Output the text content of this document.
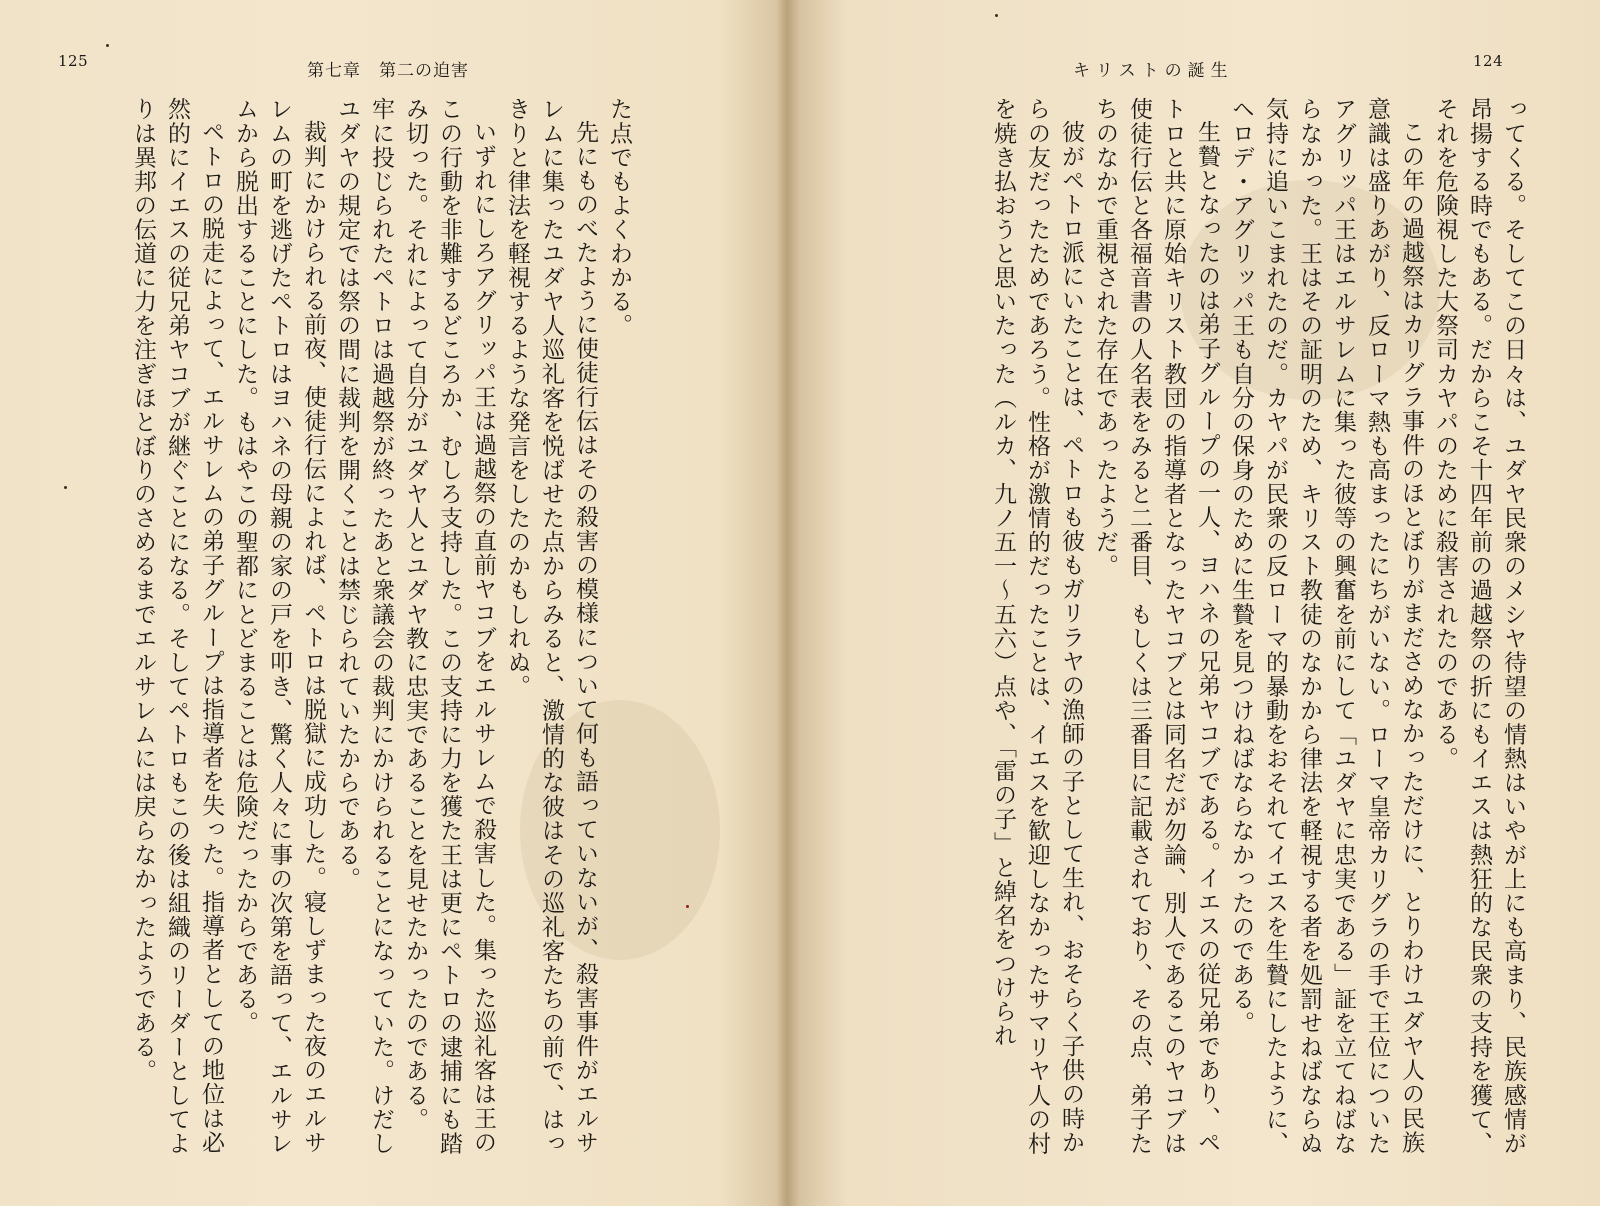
125	第七章　第二の迫害
た点でもよくわかる。
先にものべたように使徒行伝はその殺害の模様について何も語っていないが、殺害事件がエルサレムに集ったユダヤ人巡礼客を悦ばせた点からみると、激情的な彼はその巡礼客たちの前で、はっきりと律法を軽視するような発言をしたのかもしれぬ。
いずれにしろアグリッパ王は過越祭の直前ヤコブをエルサレムで殺害した。集った巡礼客は王のこの行動を非難するどころか、むしろ支持した。この支持に力を獲た王は更にペトロの逮捕にも踏み切った。それによって自分がユダヤ人とユダヤ教に忠実であることを見せたかったのである。
牢に投じられたペトロは過越祭が終ったあと衆議会の裁判にかけられることになっていた。けだしユダヤの規定では祭の間に裁判を開くことは禁じられていたからである。
裁判にかけられる前夜、使徒行伝によれば、ペトロは脱獄に成功した。寝しずまった夜のエルサレムの町を逃げたペトロはヨハネの母親の家の戸を叩き、驚く人々に事の次第を語って、エルサレムから脱出することにした。もはやこの聖都にとどまることは危険だったからである。
ペトロの脱走によって、エルサレムの弟子グループは指導者を失った。指導者としての地位は必然的にイエスの従兄弟ヤコブが継ぐことになる。そしてペトロもこの後は組織のリーダーとしてよりは異邦の伝道に力を注ぎほとぼりのさめるまでエルサレムには戻らなかったようである。
キリストの誕生	124
ってくる。そしてこの日々は、ユダヤ民衆のメシヤ待望の情熱はいやが上にも高まり、民族感情が昂揚する時でもある。だからこそ十四年前の過越祭の折にもイエスは熱狂的な民衆の支持を獲て、それを危険視した大祭司カヤパのために殺害されたのである。
この年の過越祭はカリグラ事件のほとぼりがまださめなかっただけに、とりわけユダヤ人の民族意識は盛りあがり、反ローマ熱も高まったにちがいない。ローマ皇帝カリグラの手で王位についたアグリッパ王はエルサレムに集った彼等の興奮を前にして「ユダヤに忠実である」証を立てねばならなかった。王はその証明のため、キリスト教徒のなかから律法を軽視する者を処罰せねばならぬ気持に追いこまれたのだ。カヤパが民衆の反ローマ的暴動をおそれてイエスを生贄にしたように、ヘロデ・アグリッパ王も自分の保身のために生贄を見つけねばならなかったのである。
生贄となったのは弟子グループの一人、ヨハネの兄弟ヤコブである。イエスの従兄弟であり、ペトロと共に原始キリスト教団の指導者となったヤコブとは同名だが勿論、別人であるこのヤコブは使徒行伝と各福音書の人名表をみると二番目、もしくは三番目に記載されており、その点、弟子たちのなかで重視された存在であったようだ。
彼がペトロ派にいたことは、ペトロも彼もガリラヤの漁師の子として生れ、おそらく子供の時からの友だったためであろう。性格が激情的だったことは、イエスを歓迎しなかったサマリヤ人の村を焼き払おうと思いたった（ルカ、九ノ五一〜五六）点や、「雷の子」と綽名をつけられ
